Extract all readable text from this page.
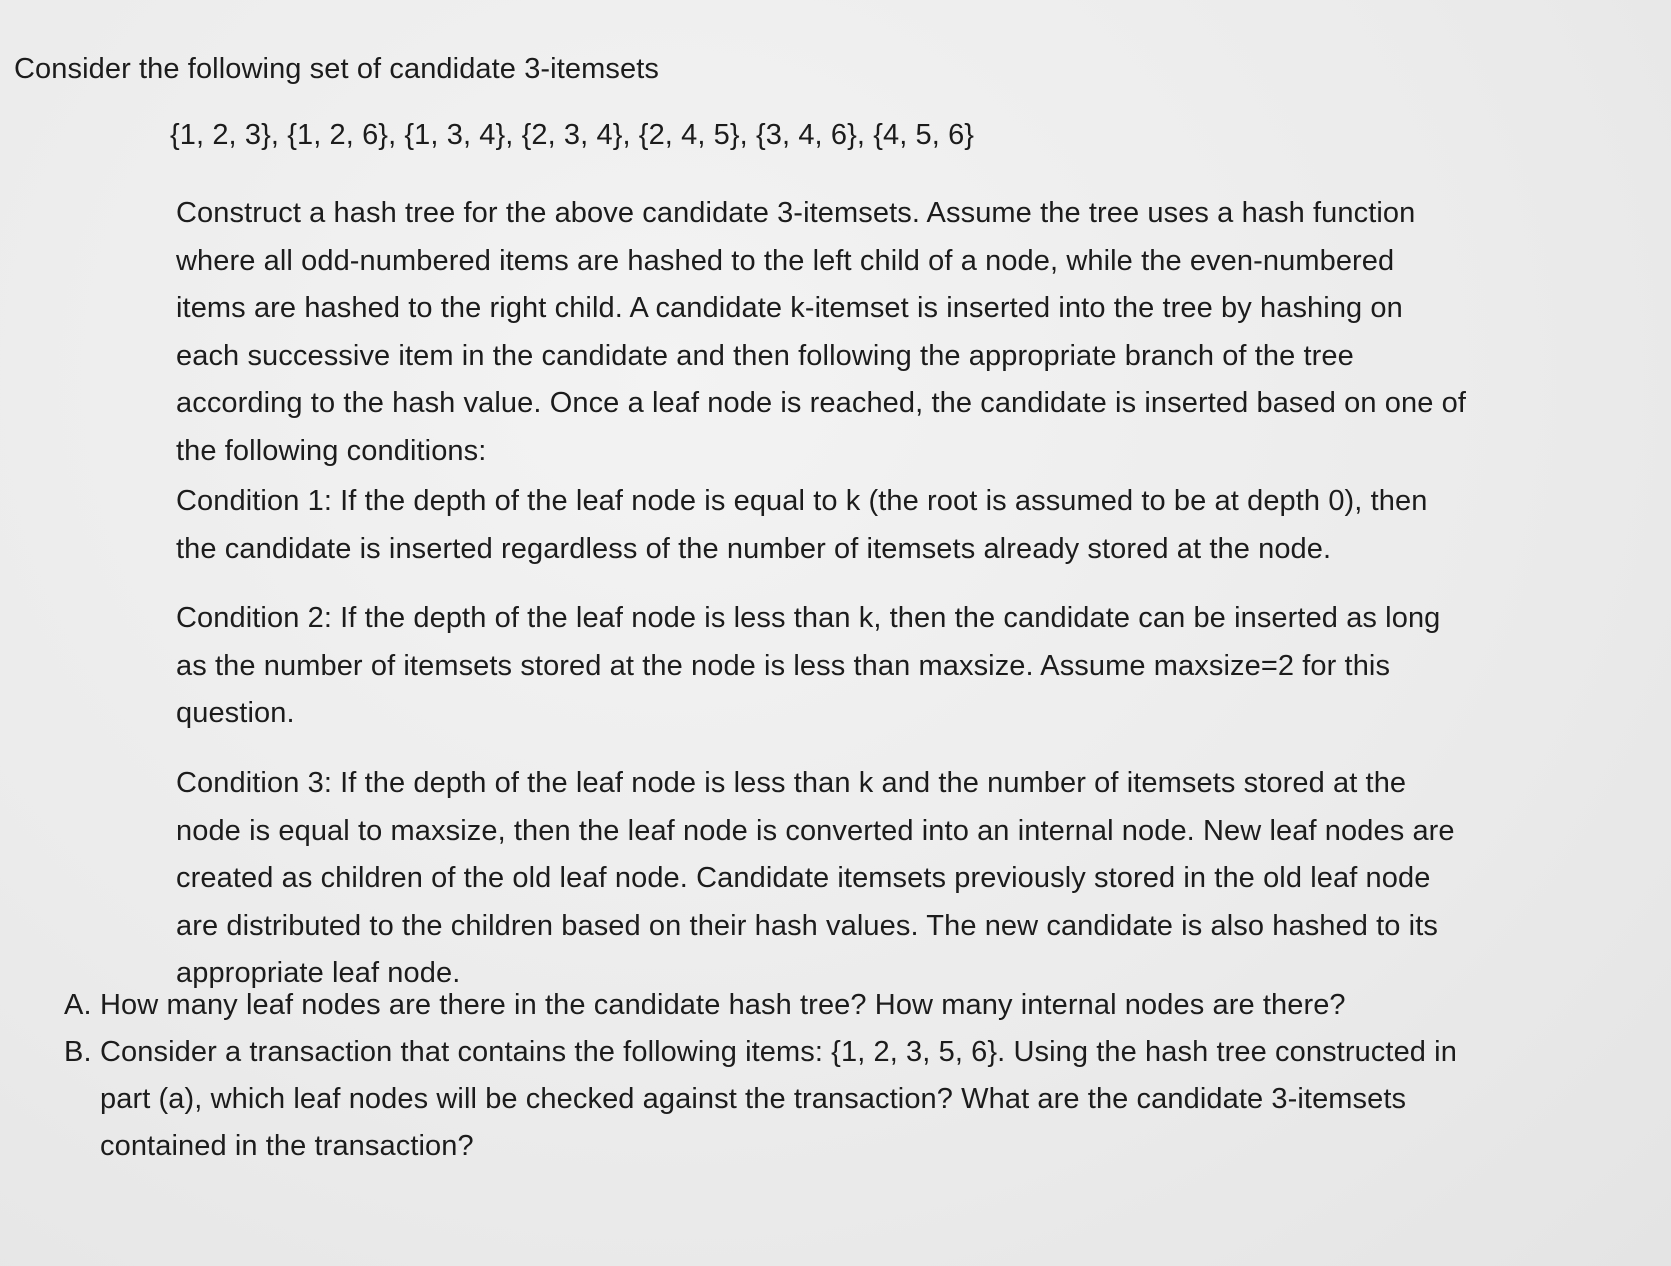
Consider the following set of candidate 3-itemsets
{1, 2, 3}, {1, 2, 6}, {1, 3, 4}, {2, 3, 4}, {2, 4, 5}, {3, 4, 6}, {4, 5, 6}

Construct a hash tree for the above candidate 3-itemsets. Assume the tree uses a hash function where all odd-numbered items are hashed to the left child of a node, while the even-numbered items are hashed to the right child. A candidate k-itemset is inserted into the tree by hashing on each successive item in the candidate and then following the appropriate branch of the tree according to the hash value. Once a leaf node is reached, the candidate is inserted based on one of the following conditions:

Condition 1: If the depth of the leaf node is equal to k (the root is assumed to be at depth 0), then the candidate is inserted regardless of the number of itemsets already stored at the node.

Condition 2: If the depth of the leaf node is less than k, then the candidate can be inserted as long as the number of itemsets stored at the node is less than maxsize. Assume maxsize=2 for this question.

Condition 3: If the depth of the leaf node is less than k and the number of itemsets stored at the node is equal to maxsize, then the leaf node is converted into an internal node. New leaf nodes are created as children of the old leaf node. Candidate itemsets previously stored in the old leaf node are distributed to the children based on their hash values. The new candidate is also hashed to its appropriate leaf node.

A. How many leaf nodes are there in the candidate hash tree? How many internal nodes are there?
B. Consider a transaction that contains the following items: {1, 2, 3, 5, 6}. Using the hash tree constructed in part (a), which leaf nodes will be checked against the transaction? What are the candidate 3-itemsets contained in the transaction?
